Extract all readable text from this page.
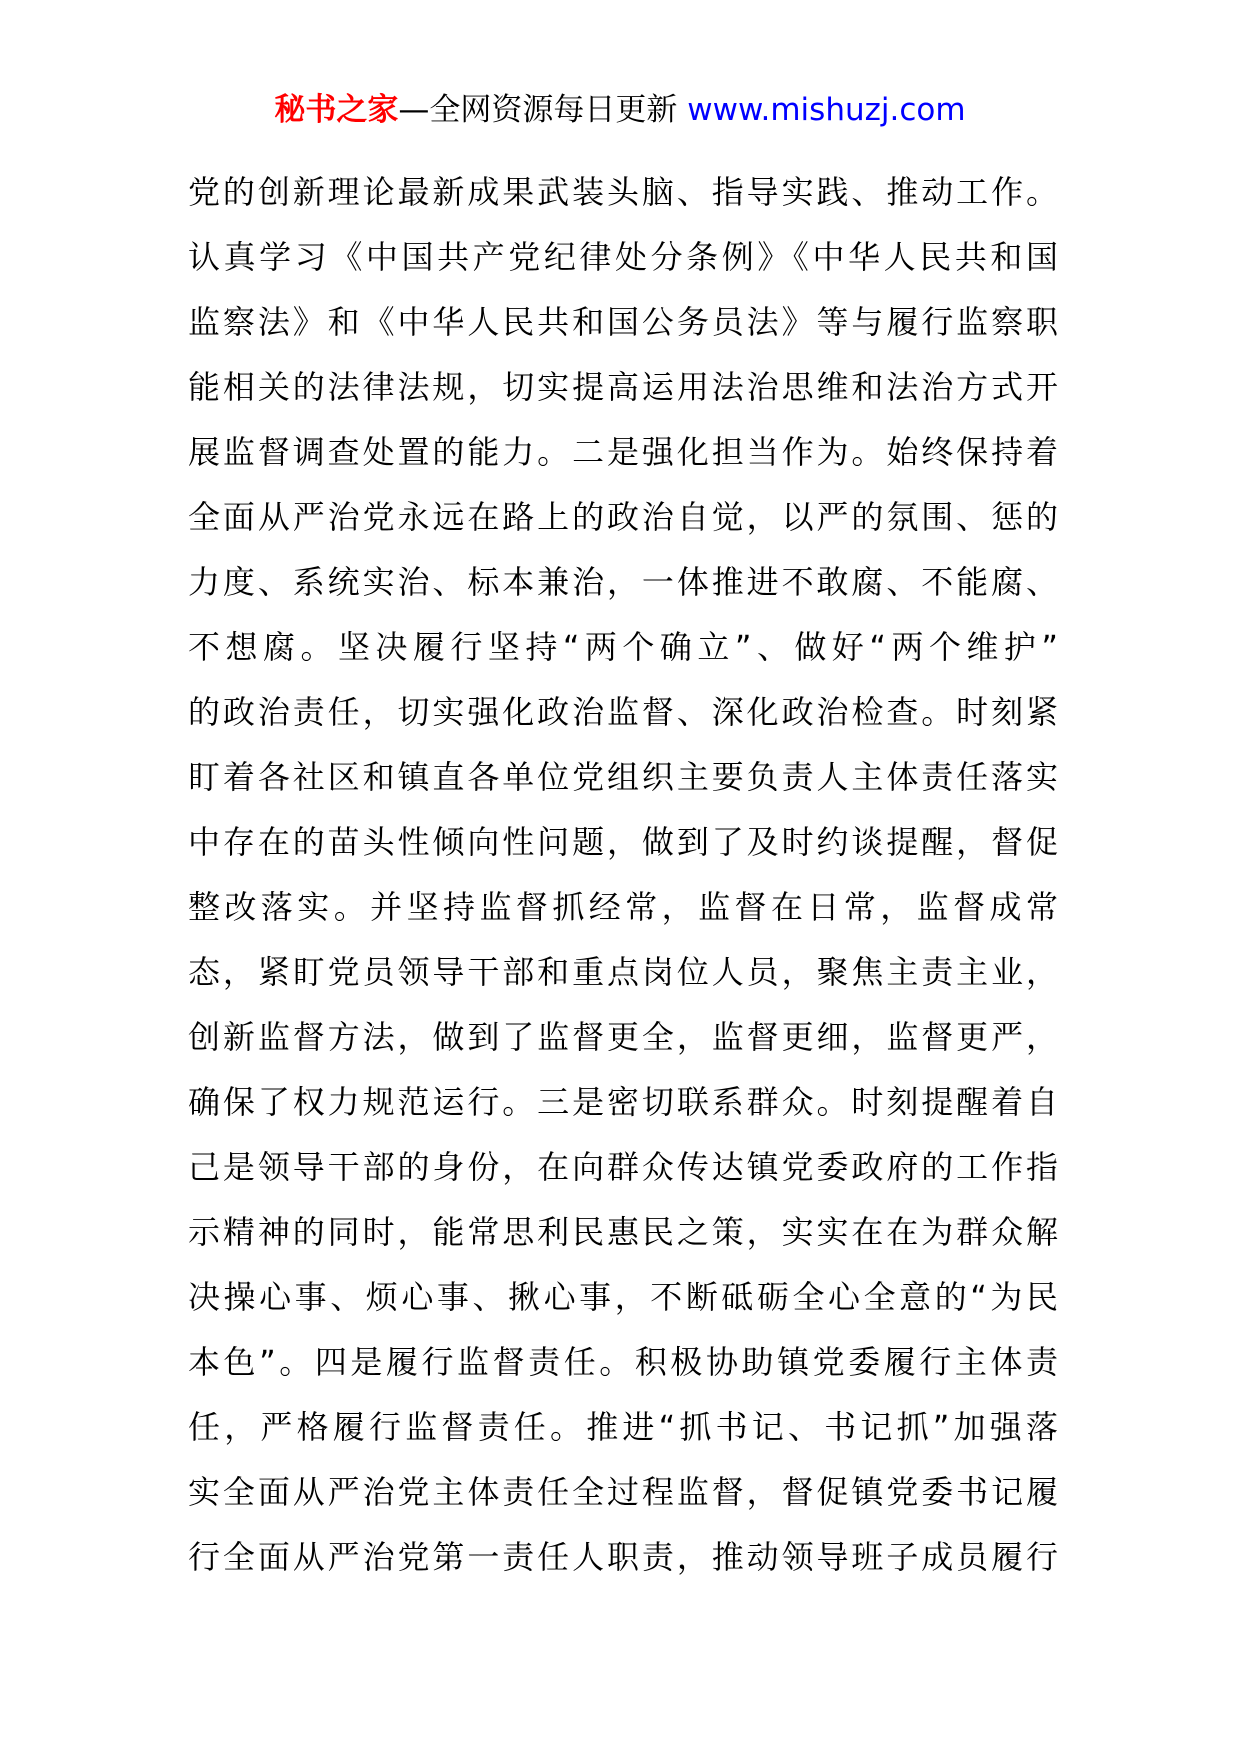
秘书之家—全网资源每日更新 www.mishuzj.com
党的创新理论最新成果武装头脑、指导实践、推动工作。
认真学习《中国共产党纪律处分条例》《中华人民共和国
监察法》和《中华人民共和国公务员法》等与履行监察职
能相关的法律法规，切实提高运用法治思维和法治方式开
展监督调查处置的能力。二是强化担当作为。始终保持着
全面从严治党永远在路上的政治自觉，以严的氛围、惩的
力度、系统实治、标本兼治，一体推进不敢腐、不能腐、
不想腐。坚决履行坚持“两个确立”、做好“两个维护”
的政治责任，切实强化政治监督、深化政治检查。时刻紧
盯着各社区和镇直各单位党组织主要负责人主体责任落实
中存在的苗头性倾向性问题，做到了及时约谈提醒，督促
整改落实。并坚持监督抓经常，监督在日常，监督成常
态，紧盯党员领导干部和重点岗位人员，聚焦主责主业，
创新监督方法，做到了监督更全，监督更细，监督更严，
确保了权力规范运行。三是密切联系群众。时刻提醒着自
己是领导干部的身份，在向群众传达镇党委政府的工作指
示精神的同时，能常思利民惠民之策，实实在在为群众解
决操心事、烦心事、揪心事，不断砥砺全心全意的“为民
本色”。四是履行监督责任。积极协助镇党委履行主体责
任，严格履行监督责任。推进“抓书记、书记抓”加强落
实全面从严治党主体责任全过程监督，督促镇党委书记履
行全面从严治党第一责任人职责，推动领导班子成员履行
